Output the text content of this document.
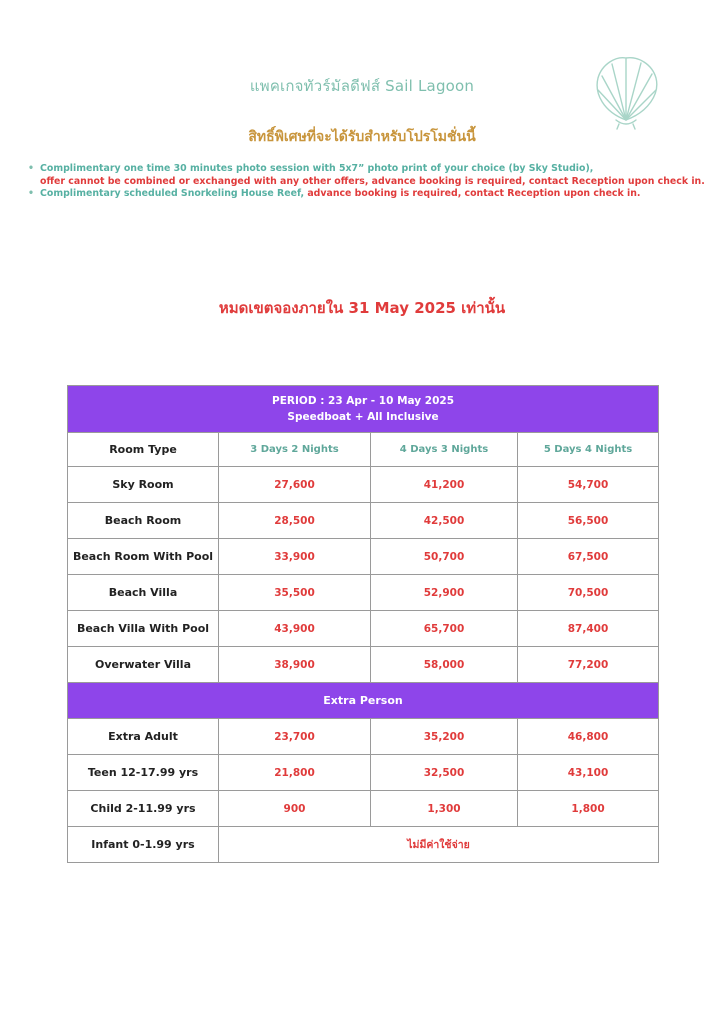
แพคเกจทัวร์มัลดีฟส์ Sail Lagoon
สิทธิ์พิเศษที่จะได้รับสำหรับโปรโมชั่นนี้
• Complimentary one time 30 minutes photo session with 5x7” photo print of your choice (by Sky Studio),
offer cannot be combined or exchanged with any other offers, advance booking is required, contact Reception upon check in.
• Complimentary scheduled Snorkeling House Reef, advance booking is required, contact Reception upon check in.
หมดเขตจองภายใน 31 May 2025 เท่านั้น
PERIOD : 23 Apr - 10 May 2025
Speedboat + All Inclusive			

Room Type	3 Days 2 Nights	4 Days 3 Nights	5 Days 4 Nights
Sky Room	27,600	41,200	54,700
Beach Room	28,500	42,500	56,500
Beach Room With Pool	33,900	50,700	67,500
Beach Villa	35,500	52,900	70,500
Beach Villa With Pool	43,900	65,700	87,400
Overwater Villa	38,900	58,000	77,200
Extra Person			
Extra Adult	23,700	35,200	46,800
Teen 12-17.99 yrs	21,800	32,500	43,100
Child 2-11.99 yrs	900	1,300	1,800
Infant 0-1.99 yrs	ไม่มีค่าใช้จ่าย		
